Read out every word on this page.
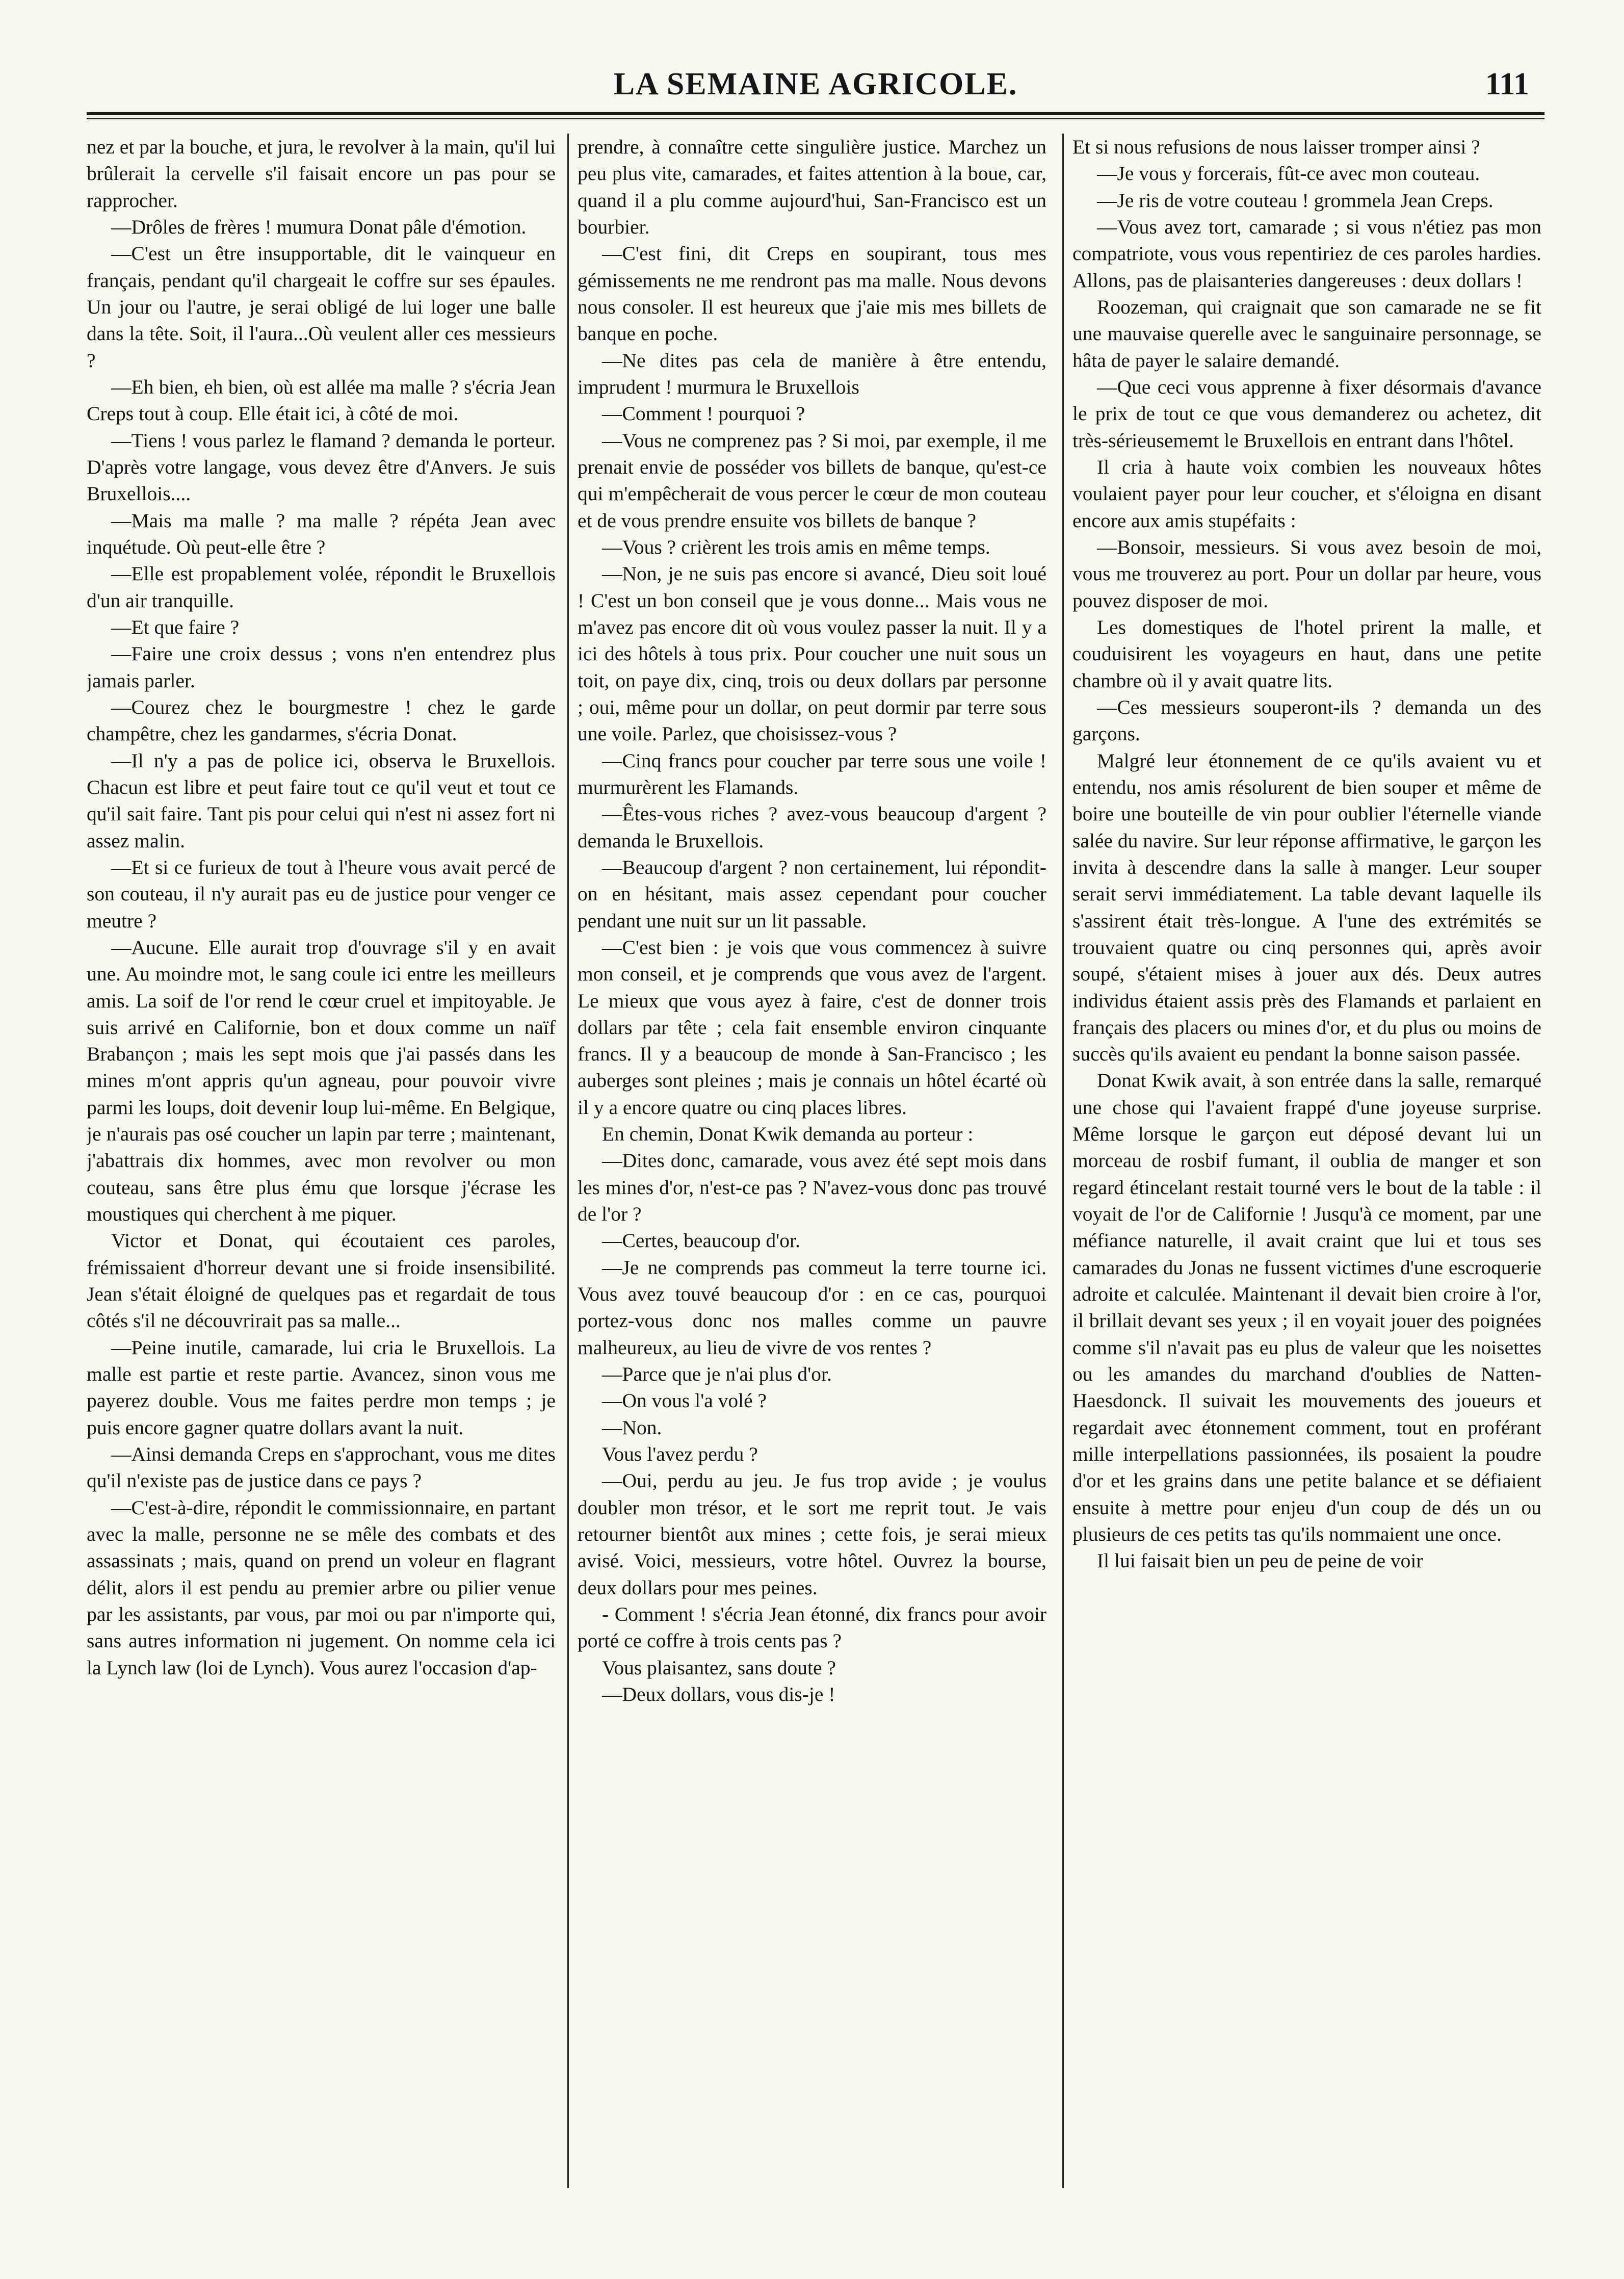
LA SEMAINE AGRICOLE.	111

nez et par la bouche, et jura, le revolver à la main, qu'il lui brûlerait la cervelle s'il faisait encore un pas pour se rapprocher.

—Drôles de frères ! mumura Donat pâle d'émotion.

—C'est un être insupportable, dit le vainqueur en français, pendant qu'il chargeait le coffre sur ses épaules. Un jour ou l'autre, je serai obligé de lui loger une balle dans la tête. Soit, il l'aura...Où veulent aller ces messieurs ?

—Eh bien, eh bien, où est allée ma malle ? s'écria Jean Creps tout à coup. Elle était ici, à côté de moi.

—Tiens ! vous parlez le flamand ? demanda le porteur. D'après votre langage, vous devez être d'Anvers. Je suis Bruxellois....

—Mais ma malle ? ma malle ? répéta Jean avec inquétude. Où peut-elle être ?

—Elle est propablement volée, répondit le Bruxellois d'un air tranquille.

—Et que faire ?

—Faire une croix dessus ; vons n'en entendrez plus jamais parler.

—Courez chez le bourgmestre ! chez le garde champêtre, chez les gandarmes, s'écria Donat.

—Il n'y a pas de police ici, observa le Bruxellois. Chacun est libre et peut faire tout ce qu'il veut et tout ce qu'il sait faire. Tant pis pour celui qui n'est ni assez fort ni assez malin.

—Et si ce furieux de tout à l'heure vous avait percé de son couteau, il n'y aurait pas eu de justice pour venger ce meutre ?

—Aucune. Elle aurait trop d'ouvrage s'il y en avait une. Au moindre mot, le sang coule ici entre les meilleurs amis. La soif de l'or rend le cœur cruel et impitoyable. Je suis arrivé en Californie, bon et doux comme un naïf Brabançon ; mais les sept mois que j'ai passés dans les mines m'ont appris qu'un agneau, pour pouvoir vivre parmi les loups, doit devenir loup lui-même. En Belgique, je n'aurais pas osé coucher un lapin par terre ; maintenant, j'abattrais dix hommes, avec mon revolver ou mon couteau, sans être plus ému que lorsque j'écrase les moustiques qui cherchent à me piquer.

Victor et Donat, qui écoutaient ces paroles, frémissaient d'horreur devant une si froide insensibilité. Jean s'était éloigné de quelques pas et regardait de tous côtés s'il ne découvrirait pas sa malle...

—Peine inutile, camarade, lui cria le Bruxellois. La malle est partie et reste partie. Avancez, sinon vous me payerez double. Vous me faites perdre mon temps ; je puis encore gagner quatre dollars avant la nuit.

—Ainsi demanda Creps en s'approchant, vous me dites qu'il n'existe pas de justice dans ce pays ?

—C'est-à-dire, répondit le commissionnaire, en partant avec la malle, personne ne se mêle des combats et des assassinats ; mais, quand on prend un voleur en flagrant délit, alors il est pendu au premier arbre ou pilier venue par les assistants, par vous, par moi ou par n'importe qui, sans autres information ni jugement. On nomme cela ici la Lynch law (loi de Lynch). Vous aurez l'occasion d'ap-

prendre, à connaître cette singulière justice. Marchez un peu plus vite, camarades, et faites attention à la boue, car, quand il a plu comme aujourd'hui, San-Francisco est un bourbier.

—C'est fini, dit Creps en soupirant, tous mes gémissements ne me rendront pas ma malle. Nous devons nous consoler. Il est heureux que j'aie mis mes billets de banque en poche.

—Ne dites pas cela de manière à être entendu, imprudent ! murmura le Bruxellois

—Comment ! pourquoi ?

—Vous ne comprenez pas ? Si moi, par exemple, il me prenait envie de posséder vos billets de banque, qu'est-ce qui m'empêcherait de vous percer le cœur de mon couteau et de vous prendre ensuite vos billets de banque ?

—Vous ? crièrent les trois amis en même temps.

—Non, je ne suis pas encore si avancé, Dieu soit loué ! C'est un bon conseil que je vous donne... Mais vous ne m'avez pas encore dit où vous voulez passer la nuit. Il y a ici des hôtels à tous prix. Pour coucher une nuit sous un toit, on paye dix, cinq, trois ou deux dollars par personne ; oui, même pour un dollar, on peut dormir par terre sous une voile. Parlez, que choisissez-vous ?

—Cinq francs pour coucher par terre sous une voile ! murmurèrent les Flamands.

—Êtes-vous riches ? avez-vous beaucoup d'argent ? demanda le Bruxellois.

—Beaucoup d'argent ? non certainement, lui répondit-on en hésitant, mais assez cependant pour coucher pendant une nuit sur un lit passable.

—C'est bien : je vois que vous commencez à suivre mon conseil, et je comprends que vous avez de l'argent. Le mieux que vous ayez à faire, c'est de donner trois dollars par tête ; cela fait ensemble environ cinquante francs. Il y a beaucoup de monde à San-Francisco ; les auberges sont pleines ; mais je connais un hôtel écarté où il y a encore quatre ou cinq places libres.

En chemin, Donat Kwik demanda au porteur :

—Dites donc, camarade, vous avez été sept mois dans les mines d'or, n'est-ce pas ? N'avez-vous donc pas trouvé de l'or ?

—Certes, beaucoup d'or.

—Je ne comprends pas commeut la terre tourne ici. Vous avez touvé beaucoup d'or : en ce cas, pourquoi portez-vous donc nos malles comme un pauvre malheureux, au lieu de vivre de vos rentes ?

—Parce que je n'ai plus d'or.

—On vous l'a volé ?

—Non.

Vous l'avez perdu ?

—Oui, perdu au jeu. Je fus trop avide ; je voulus doubler mon trésor, et le sort me reprit tout. Je vais retourner bientôt aux mines ; cette fois, je serai mieux avisé. Voici, messieurs, votre hôtel. Ouvrez la bourse, deux dollars pour mes peines.

- Comment ! s'écria Jean étonné, dix francs pour avoir porté ce coffre à trois cents pas ?

Vous plaisantez, sans doute ?

—Deux dollars, vous dis-je !

Et si nous refusions de nous laisser tromper ainsi ?

—Je vous y forcerais, fût-ce avec mon couteau.

—Je ris de votre couteau ! grommela Jean Creps.

—Vous avez tort, camarade ; si vous n'étiez pas mon compatriote, vous vous repentiriez de ces paroles hardies. Allons, pas de plaisanteries dangereuses : deux dollars !

Roozeman, qui craignait que son camarade ne se fit une mauvaise querelle avec le sanguinaire personnage, se hâta de payer le salaire demandé.

—Que ceci vous apprenne à fixer désormais d'avance le prix de tout ce que vous demanderez ou achetez, dit très-sérieusememt le Bruxellois en entrant dans l'hôtel.

Il cria à haute voix combien les nouveaux hôtes voulaient payer pour leur coucher, et s'éloigna en disant encore aux amis stupéfaits :

—Bonsoir, messieurs. Si vous avez besoin de moi, vous me trouverez au port. Pour un dollar par heure, vous pouvez disposer de moi.

Les domestiques de l'hotel prirent la malle, et couduisirent les voyageurs en haut, dans une petite chambre où il y avait quatre lits.

—Ces messieurs souperont-ils ? demanda un des garçons.

Malgré leur étonnement de ce qu'ils avaient vu et entendu, nos amis résolurent de bien souper et même de boire une bouteille de vin pour oublier l'éternelle viande salée du navire. Sur leur réponse affirmative, le garçon les invita à descendre dans la salle à manger. Leur souper serait servi immédiatement. La table devant laquelle ils s'assirent était très-longue. A l'une des extrémités se trouvaient quatre ou cinq personnes qui, après avoir soupé, s'étaient mises à jouer aux dés. Deux autres individus étaient assis près des Flamands et parlaient en français des placers ou mines d'or, et du plus ou moins de succès qu'ils avaient eu pendant la bonne saison passée.

Donat Kwik avait, à son entrée dans la salle, remarqué une chose qui l'avaient frappé d'une joyeuse surprise. Même lorsque le garçon eut déposé devant lui un morceau de rosbif fumant, il oublia de manger et son regard étincelant restait tourné vers le bout de la table : il voyait de l'or de Californie ! Jusqu'à ce moment, par une méfiance naturelle, il avait craint que lui et tous ses camarades du Jonas ne fussent victimes d'une escroquerie adroite et calculée. Maintenant il devait bien croire à l'or, il brillait devant ses yeux ; il en voyait jouer des poignées comme s'il n'avait pas eu plus de valeur que les noisettes ou les amandes du marchand d'oublies de Natten-Haesdonck. Il suivait les mouvements des joueurs et regardait avec étonnement comment, tout en proférant mille interpellations passionnées, ils posaient la poudre d'or et les grains dans une petite balance et se défiaient ensuite à mettre pour enjeu d'un coup de dés un ou plusieurs de ces petits tas qu'ils nommaient une once.

Il lui faisait bien un peu de peine de voir
